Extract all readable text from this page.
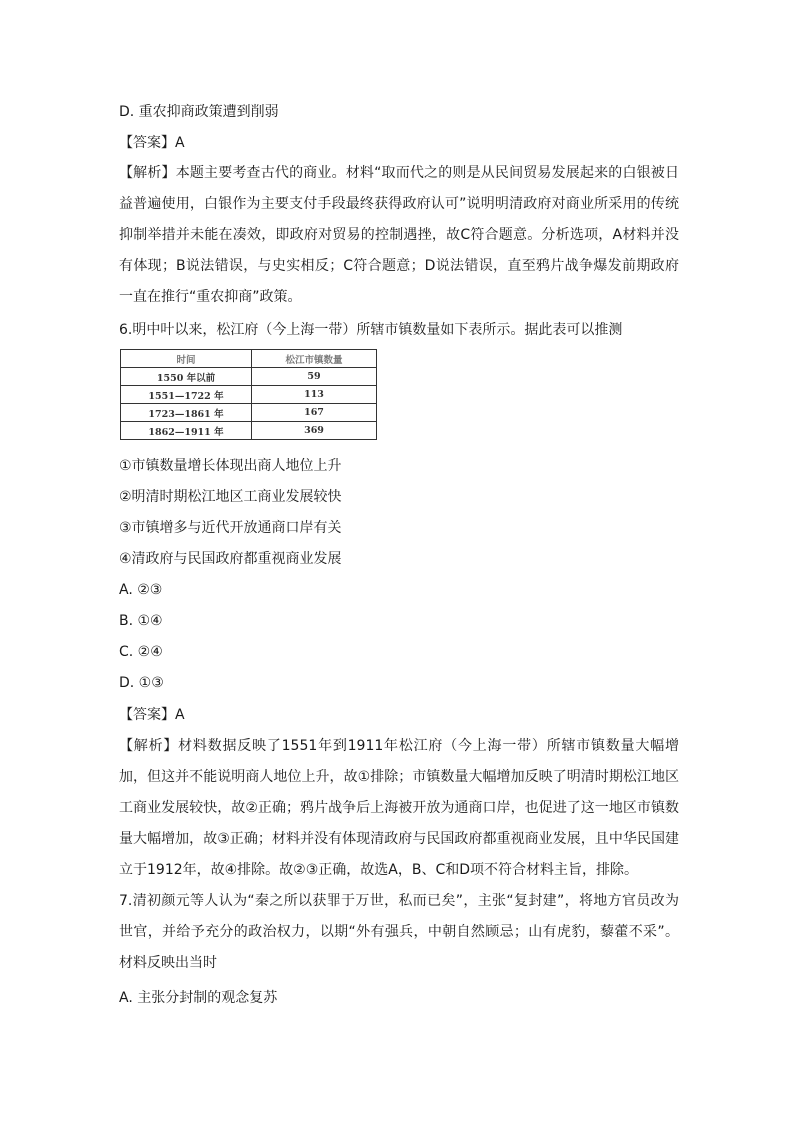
D. 重农抑商政策遭到削弱
【答案】A
【解析】本题主要考查古代的商业。材料“取而代之的则是从民间贸易发展起来的白银被日益普遍使用，白银作为主要支付手段最终获得政府认可”说明明清政府对商业所采用的传统抑制举措并未能在凑效，即政府对贸易的控制遇挫，故C符合题意。分析选项，A材料并没有体现；B说法错误，与史实相反；C符合题意；D说法错误，直至鸦片战争爆发前期政府一直在推行“重农抑商”政策。
6.明中叶以来，松江府（今上海一带）所辖市镇数量如下表所示。据此表可以推测
时间	松江市镇数量
1550 年以前	59
1551—1722 年	113
1723—1861 年	167
1862—1911 年	369
①市镇数量增长体现出商人地位上升
②明清时期松江地区工商业发展较快
③市镇增多与近代开放通商口岸有关
④清政府与民国政府都重视商业发展
A. ②③
B. ①④
C. ②④
D. ①③
【答案】A
【解析】材料数据反映了1551年到1911年松江府（今上海一带）所辖市镇数量大幅增加，但这并不能说明商人地位上升，故①排除；市镇数量大幅增加反映了明清时期松江地区工商业发展较快，故②正确；鸦片战争后上海被开放为通商口岸，也促进了这一地区市镇数量大幅增加，故③正确；材料并没有体现清政府与民国政府都重视商业发展，且中华民国建立于1912年，故④排除。故②③正确，故选A，B、C和D项不符合材料主旨，排除。
7.清初颜元等人认为“秦之所以获罪于万世，私而已矣”，主张“复封建”，将地方官员改为世官，并给予充分的政治权力，以期“外有强兵，中朝自然顾忌；山有虎豹，藜藿不采”。材料反映出当时
A. 主张分封制的观念复苏
